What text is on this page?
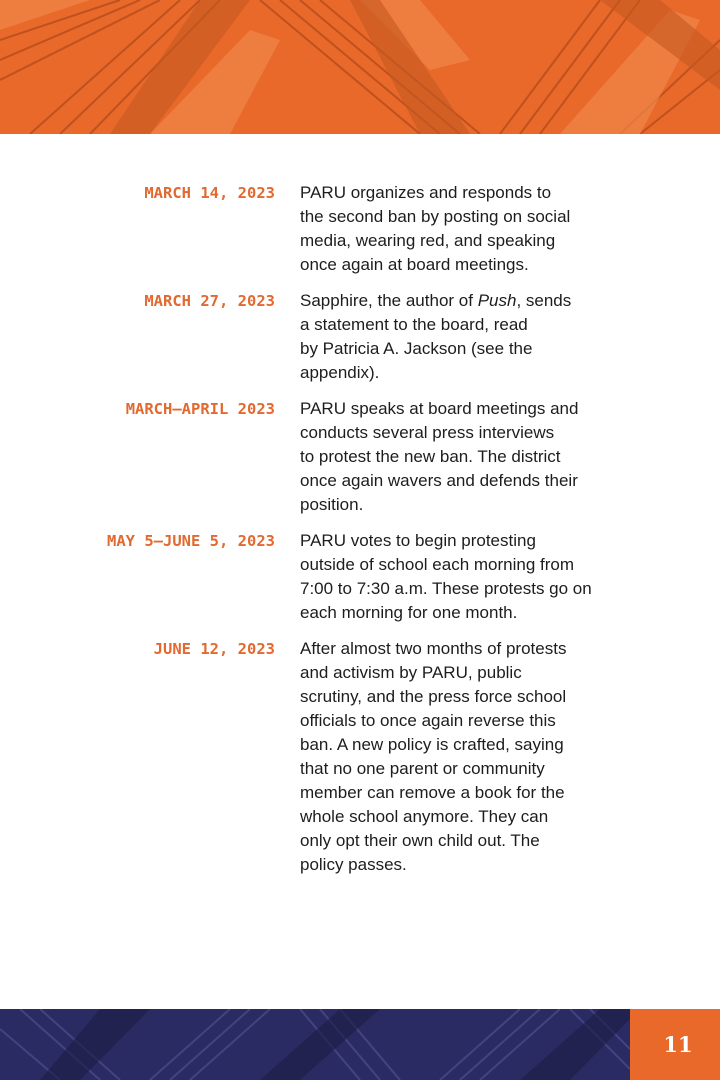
MARCH 14, 2023 PARU organizes and responds to
the second ban by posting on social
media, wearing red, and speaking
once again at board meetings.
MARCH 27, 2023 Sapphire, the author of Push, sends
a statement to the board, read
by Patricia A. Jackson (see the
appendix).
MARCH–APRIL 2023 PARU speaks at board meetings and
conducts several press interviews
to protest the new ban. The district
once again wavers and defends their
position.
MAY 5–JUNE 5, 2023 PARU votes to begin protesting
outside of school each morning from
7:00 to 7:30 a.m. These protests go on
each morning for one month.
JUNE 12, 2023 After almost two months of protests
and activism by PARU, public
scrutiny, and the press force school
officials to once again reverse this
ban. A new policy is crafted, saying
that no one parent or community
member can remove a book for the
whole school anymore. They can
only opt their own child out. The
policy passes.
11
